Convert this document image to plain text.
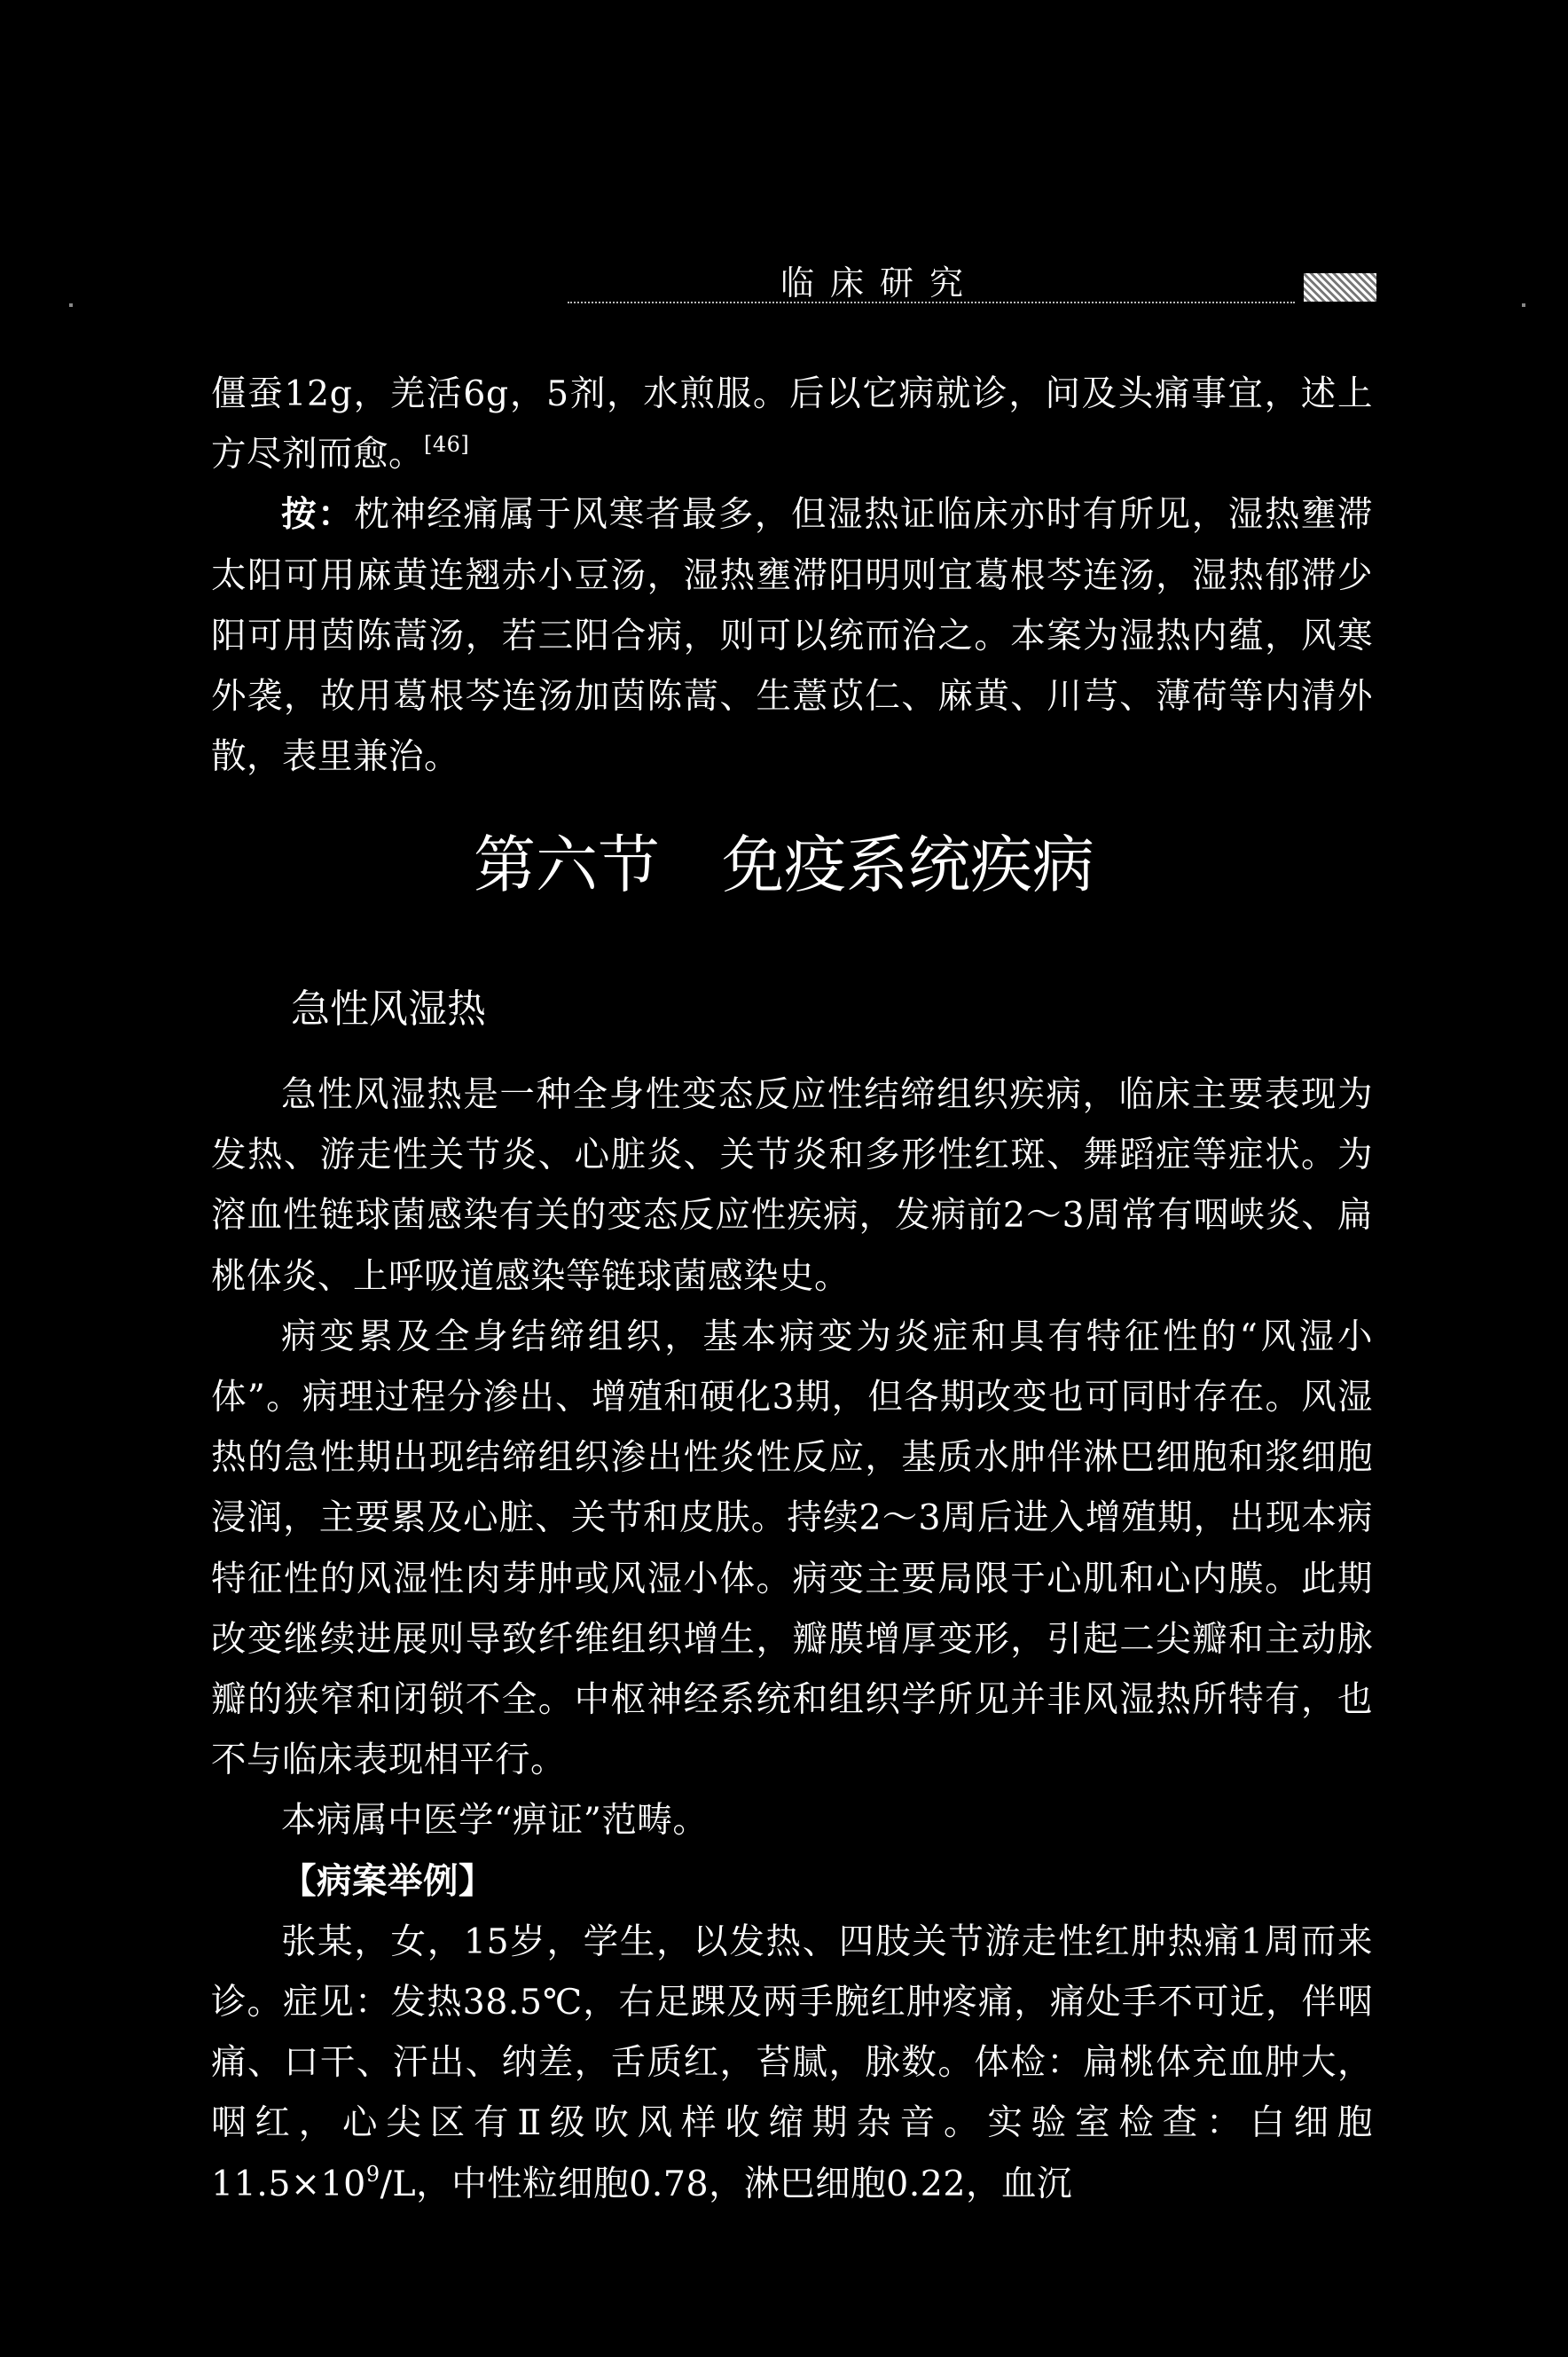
临床研究

僵蚕12g，羌活6g，5剂，水煎服。后以它病就诊，问及头痛事宜，述上方尽剂而愈。[46]

按：枕神经痛属于风寒者最多，但湿热证临床亦时有所见，湿热壅滞太阳可用麻黄连翘赤小豆汤，湿热壅滞阳明则宜葛根芩连汤，湿热郁滞少阳可用茵陈蒿汤，若三阳合病，则可以统而治之。本案为湿热内蕴，风寒外袭，故用葛根芩连汤加茵陈蒿、生薏苡仁、麻黄、川芎、薄荷等内清外散，表里兼治。

第六节　免疫系统疾病
急性风湿热

急性风湿热是一种全身性变态反应性结缔组织疾病，临床主要表现为发热、游走性关节炎、心脏炎、关节炎和多形性红斑、舞蹈症等症状。为溶血性链球菌感染有关的变态反应性疾病，发病前2～3周常有咽峡炎、扁桃体炎、上呼吸道感染等链球菌感染史。

病变累及全身结缔组织，基本病变为炎症和具有特征性的“风湿小体”。病理过程分渗出、增殖和硬化3期，但各期改变也可同时存在。风湿热的急性期出现结缔组织渗出性炎性反应，基质水肿伴淋巴细胞和浆细胞浸润，主要累及心脏、关节和皮肤。持续2～3周后进入增殖期，出现本病特征性的风湿性肉芽肿或风湿小体。病变主要局限于心肌和心内膜。此期改变继续进展则导致纤维组织增生，瓣膜增厚变形，引起二尖瓣和主动脉瓣的狭窄和闭锁不全。中枢神经系统和组织学所见并非风湿热所特有，也不与临床表现相平行。

本病属中医学“痹证”范畴。

【病案举例】

张某，女，15岁，学生，以发热、四肢关节游走性红肿热痛1周而来诊。症见：发热38.5℃，右足踝及两手腕红肿疼痛，痛处手不可近，伴咽痛、口干、汗出、纳差，舌质红，苔腻，脉数。体检：扁桃体充血肿大，咽红，心尖区有Ⅱ级吹风样收缩期杂音。实验室检查：白细胞$11.5\times 10^9/L$，中性粒细胞0.78，淋巴细胞0.22，血沉
